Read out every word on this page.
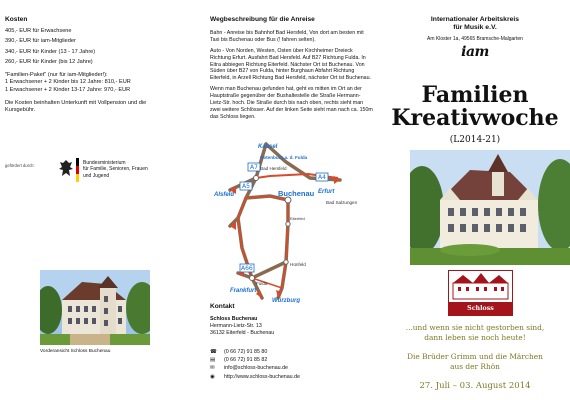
Kosten

405,- EUR für Erwachsene

390,- EUR für iam-Mitglieder

340,- EUR für Kinder (13 - 17 Jahre)

260,- EUR für Kinder (bis 12 Jahre)

"Familien-Paket" (nur für iam-Mitglieder!):

1 Erwachsener + 2 Kinder bis 12 Jahre: 810,- EUR

1 Erwachsener + 2 Kinder 13-17 Jahre: 970,- EUR

Die Kosten beinhalten Unterkunft mit Vollpension und die Kursgebühr.

gefördert durch:	Bundesministerium
für Familie, Senioren, Frauen
und Jugend
Vorderansicht Schloss Buchenau
Wegbeschreibung für die Anreise

Bahn - Anreise bis Bahnhof Bad Hersfeld, Von dort am besten mit Taxi bis Buchenau oder Bus (! fahren selten).

Auto - Von Norden, Westen, Osten über Kirchheimer Dreieck Richtung Erfurt. Ausfahrt Bad Hersfeld. Auf B27 Richtung Fulda. In Eitra abbiegen Richtung Eiterfeld. Nächster Ort ist Buchenau. Von Süden über B27 von Fulda, hinter Burghaun Abfahrt Richtung Eiterfeld, in Arzell Richtung Bad Hersfeld, nächster Ort ist Buchenau.

Wenn man Buchenau gefunden hat, geht es mitten im Ort an der Hauptstraße gegenüber der Bushaltestelle die Straße Hermann-Lietz-Str. hoch. Die Straße durch bis nach oben, rechts sieht man zwei weitere Schlösser. Auf der linken Seite sieht man nach ca. 150m das Schloss liegen.

A7
A5
A4
A66
Kassel
Alsfeld	Erfurt
Frankfurt
Würzburg
Rotenburg a. d. Fulda
Bad Hersfeld
Eiterfeld
Bad Salzungen
Hünfeld
Fulda
Buchenau
Kontakt

Schloss Buchenau

Hermann-Lietz-Str. 13

36132 Eiterfeld - Buchenau

☎ (0 66 72) 91 85 80
▤ (0 66 72) 91 85 82
✉ info@schloss-buchenau.de
◉ http://www.schloss-buchenau.de
Internationaler Arbeitskreis
für Musik e.V.
Am Kloster 1a, 49565 Bramsche-Malgarten
iam
Familien
Kreativwoche
(L2014-21)
Schloss Buchenau
...und wenn sie nicht gestorben sind,
dann leben sie noch heute!
Die Brüder Grimm und die Märchen
aus der Rhön
27. Juli – 03. August 2014
